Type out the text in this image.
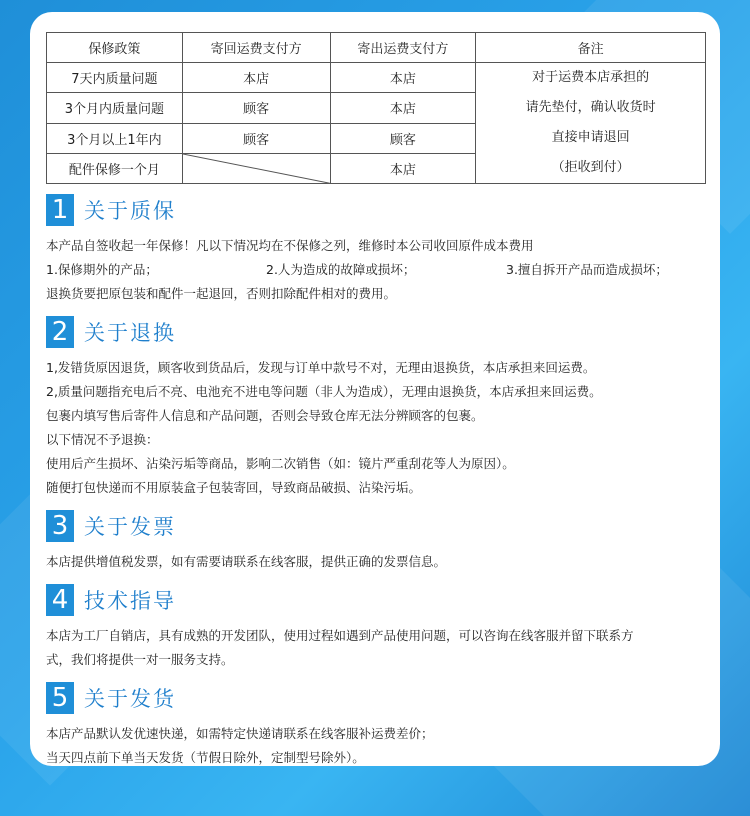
保修政策	寄回运费支付方	寄出运费支付方	备注
7天内质量问题	本店	本店	对于运费本店承担的
请先垫付，确认收货时
直接申请退回
（拒收到付）

3个月内质量问题	顾客	本店	
3个月以上1年内	顾客	顾客	
配件保修一个月		本店	
1 关于质保
本产品自签收起一年保修！凡以下情况均在不保修之列，维修时本公司收回原件成本费用
1.保修期外的产品；	2.人为造成的故障或损坏；	3.擅自拆开产品而造成损坏；
退换货要把原包装和配件一起退回，否则扣除配件相对的费用。
2 关于退换
1,发错货原因退货，顾客收到货品后，发现与订单中款号不对，无理由退换货，本店承担来回运费。
2,质量问题指充电后不亮、电池充不进电等问题（非人为造成），无理由退换货，本店承担来回运费。
包裹内填写售后寄件人信息和产品问题，否则会导致仓库无法分辨顾客的包裹。
以下情况不予退换：
使用后产生损坏、沾染污垢等商品，影响二次销售（如：镜片严重刮花等人为原因）。
随便打包快递而不用原装盒子包装寄回，导致商品破损、沾染污垢。
3 关于发票
本店提供增值税发票，如有需要请联系在线客服，提供正确的发票信息。
4 技术指导
本店为工厂自销店，具有成熟的开发团队，使用过程如遇到产品使用问题，可以咨询在线客服并留下联系方
式，我们将提供一对一服务支持。
5 关于发货
本店产品默认发优速快递，如需特定快递请联系在线客服补运费差价；
当天四点前下单当天发货（节假日除外，定制型号除外）。
